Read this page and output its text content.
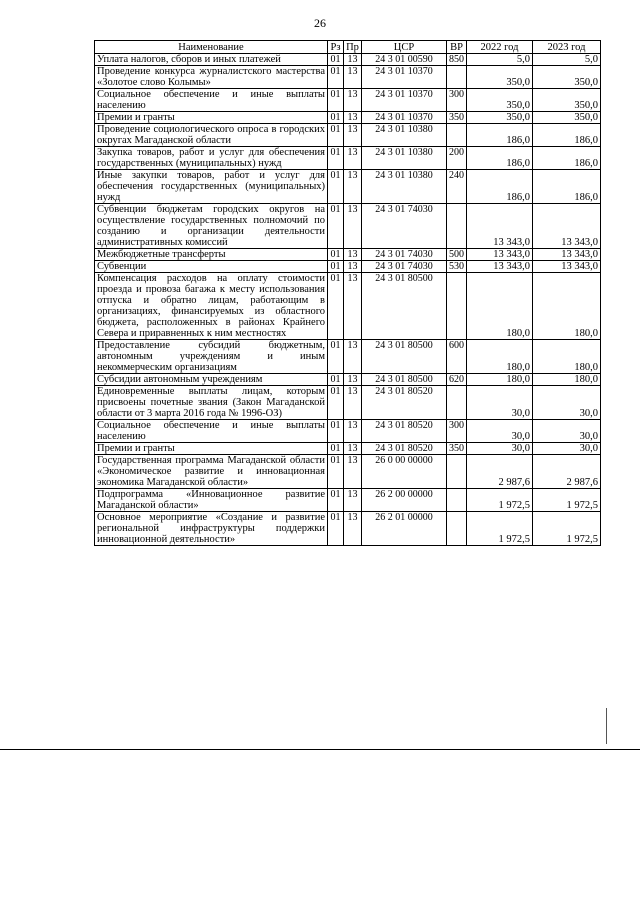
26
Наименование	Рз	Пр	ЦСР	ВР	2022 год	2023 год
Уплата налогов, сборов и иных платежей	01	13	24 3 01 00590	850	5,0	5,0
Проведение конкурса журналистского мастерства «Золотое слово Колымы»	01	13	24 3 01 10370		350,0	350,0
Социальное обеспечение и иные выплаты населению	01	13	24 3 01 10370	300	350,0	350,0
Премии и гранты	01	13	24 3 01 10370	350	350,0	350,0
Проведение социологического опроса в городских округах Магаданской области	01	13	24 3 01 10380		186,0	186,0
Закупка товаров, работ и услуг для обеспечения государственных (муниципальных) нужд	01	13	24 3 01 10380	200	186,0	186,0
Иные закупки товаров, работ и услуг для обеспечения государственных (муниципальных) нужд	01	13	24 3 01 10380	240	186,0	186,0
Субвенции бюджетам городских округов на осуществление государственных полномочий по созданию и организации деятельности административных комиссий	01	13	24 3 01 74030		13 343,0	13 343,0
Межбюджетные трансферты	01	13	24 3 01 74030	500	13 343,0	13 343,0
Субвенции	01	13	24 3 01 74030	530	13 343,0	13 343,0
Компенсация расходов на оплату стоимости проезда и провоза багажа к месту использования отпуска и обратно лицам, работающим в организациях, финансируемых из областного бюджета, расположенных в районах Крайнего Севера и приравненных к ним местностях	01	13	24 3 01 80500		180,0	180,0
Предоставление субсидий бюджетным, автономным учреждениям и иным некоммерческим организациям	01	13	24 3 01 80500	600	180,0	180,0
Субсидии автономным учреждениям	01	13	24 3 01 80500	620	180,0	180,0
Единовременные выплаты лицам, которым присвоены почетные звания (Закон Магаданской области от 3 марта 2016 года № 1996-ОЗ)	01	13	24 3 01 80520		30,0	30,0
Социальное обеспечение и иные выплаты населению	01	13	24 3 01 80520	300	30,0	30,0
Премии и гранты	01	13	24 3 01 80520	350	30,0	30,0
Государственная программа Магаданской области «Экономическое развитие и инновационная экономика Магаданской области»	01	13	26 0 00 00000		2 987,6	2 987,6
Подпрограмма «Инновационное развитие Магаданской области»	01	13	26 2 00 00000		1 972,5	1 972,5
Основное мероприятие «Создание и развитие региональной инфраструктуры поддержки инновационной деятельности»	01	13	26 2 01 00000		1 972,5	1 972,5
